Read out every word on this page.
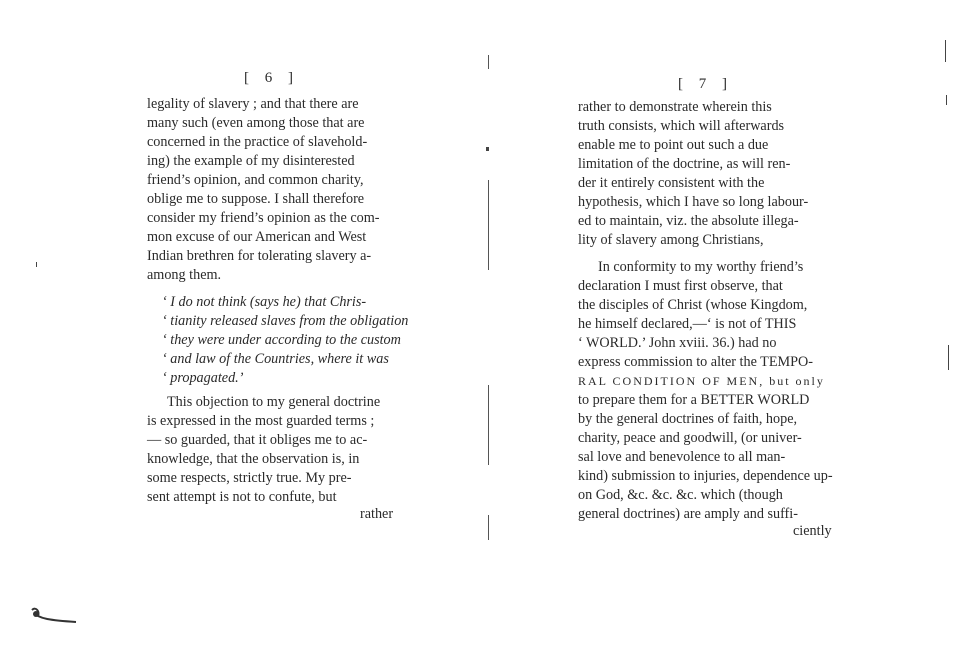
[ 6 ]
legality of slavery ; and that there are
many such (even among those that are
concerned in the practice of slavehold-
ing) the example of my disinterested
friend’s opinion, and common charity,
oblige me to suppose. I shall therefore
consider my friend’s opinion as the com-
mon excuse of our American and West
Indian brethren for tolerating slavery a-
among them.
‘ I do not think (says he) that Chris-
‘ tianity released slaves from the obligation
‘ they were under according to the custom
‘ and law of the Countries, where it was
‘ propagated.’
This objection to my general doctrine
is expressed in the most guarded terms ;
— so guarded, that it obliges me to ac-
knowledge, that the observation is, in
some respects, strictly true. My pre-
sent attempt is not to confute, but
rather
[ 7 ]
rather to demonstrate wherein this
truth consists, which will afterwards
enable me to point out such a due
limitation of the doctrine, as will ren-
der it entirely consistent with the
hypothesis, which I have so long labour-
ed to maintain, viz. the absolute illega-
lity of slavery among Christians,
In conformity to my worthy friend’s
declaration I must first observe, that
the disciples of Christ (whose Kingdom,
he himself declared,—‘ is not of THIS
‘ WORLD.’ John xviii. 36.) had no
express commission to alter the TEMPO-
RAL CONDITION OF MEN, but only
to prepare them for a BETTER WORLD
by the general doctrines of faith, hope,
charity, peace and goodwill, (or univer-
sal love and benevolence to all man-
kind) submission to injuries, dependence up-
on God, &c. &c. &c. which (though
general doctrines) are amply and suffi-
ciently
